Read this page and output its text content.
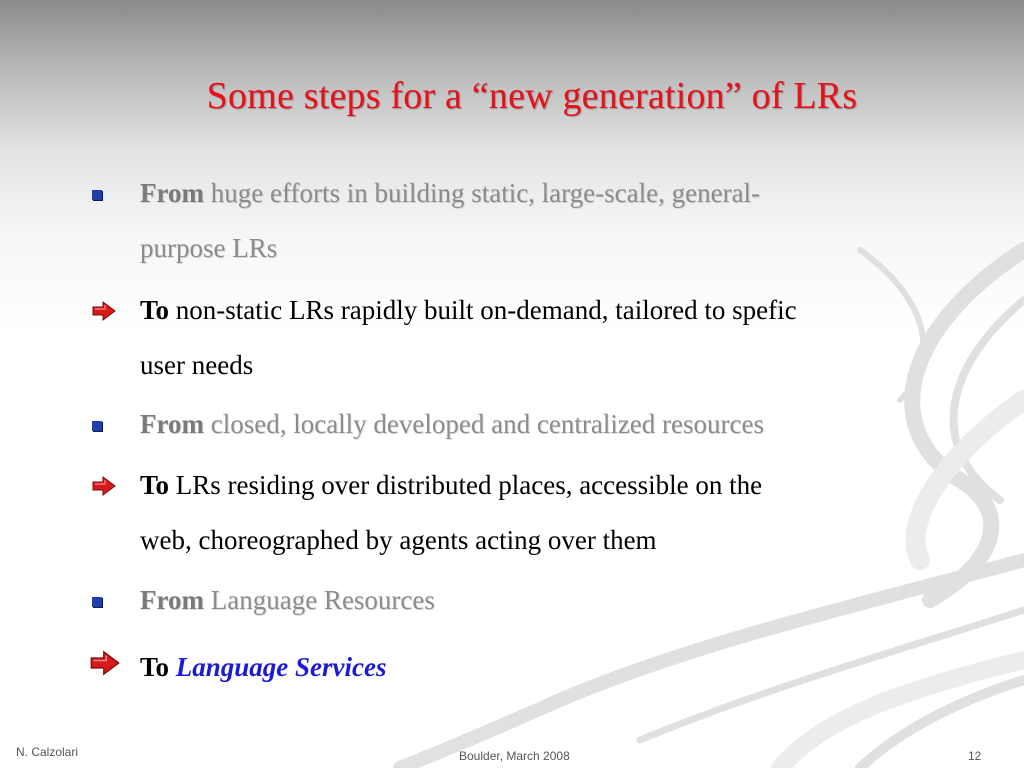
Some steps for a “new generation” of LRs
From huge efforts in building static, large-scale, general-
purpose LRs
To non-static LRs rapidly built on-demand, tailored to spefic
user needs
From closed, locally developed and centralized resources
To LRs residing over distributed places, accessible on the
web, choreographed by agents acting over them
From Language Resources
To Language Services
N. Calzolari	Boulder, March 2008	12
